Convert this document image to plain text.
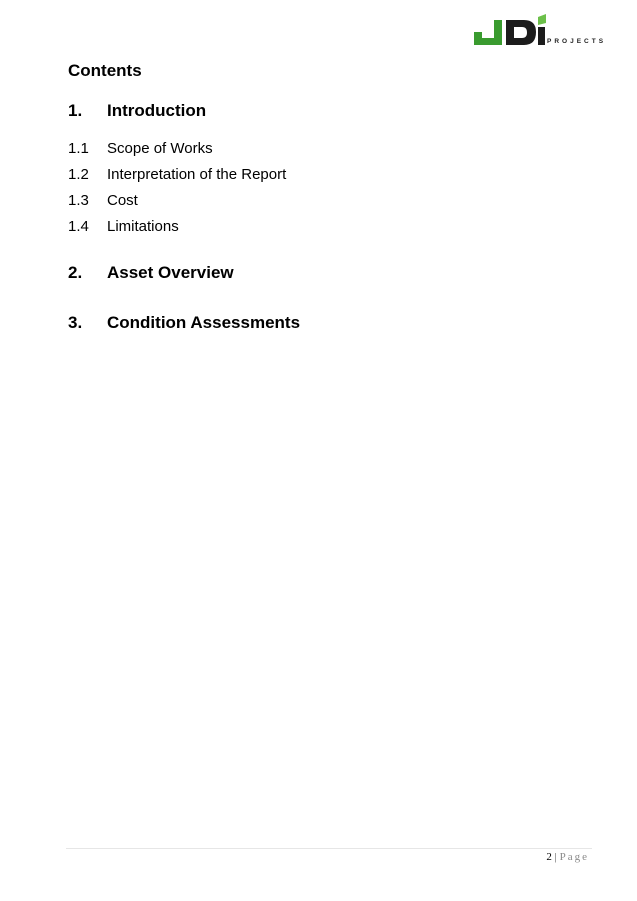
PROJECTS
Contents
1. Introduction
1.1 Scope of Works
1.2 Interpretation of the Report
1.3 Cost
1.4 Limitations
2. Asset Overview
3. Condition Assessments
2 | Page
